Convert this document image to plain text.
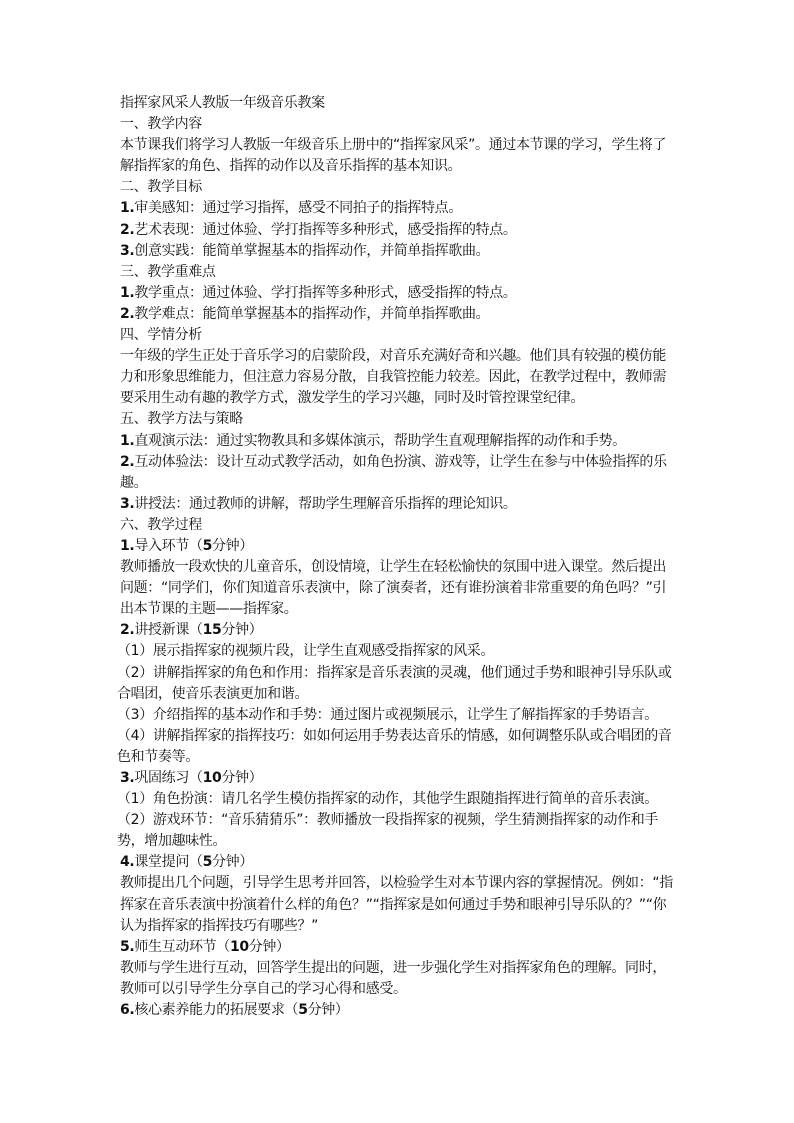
指挥家风采人教版一年级音乐教案

一、教学内容

本节课我们将学习人教版一年级音乐上册中的“指挥家风采”。通过本节课的学习，学生将了解指挥家的角色、指挥的动作以及音乐指挥的基本知识。

二、教学目标

1.审美感知：通过学习指挥，感受不同拍子的指挥特点。

2.艺术表现：通过体验、学打指挥等多种形式，感受指挥的特点。

3.创意实践：能简单掌握基本的指挥动作，并简单指挥歌曲。

三、教学重难点

1.教学重点：通过体验、学打指挥等多种形式，感受指挥的特点。

2.教学难点：能简单掌握基本的指挥动作，并简单指挥歌曲。

四、学情分析

一年级的学生正处于音乐学习的启蒙阶段，对音乐充满好奇和兴趣。他们具有较强的模仿能力和形象思维能力，但注意力容易分散，自我管控能力较差。因此，在教学过程中，教师需要采用生动有趣的教学方式，激发学生的学习兴趣，同时及时管控课堂纪律。

五、教学方法与策略

1.直观演示法：通过实物教具和多媒体演示，帮助学生直观理解指挥的动作和手势。

2.互动体验法：设计互动式教学活动，如角色扮演、游戏等，让学生在参与中体验指挥的乐趣。

3.讲授法：通过教师的讲解，帮助学生理解音乐指挥的理论知识。

六、教学过程

1.导入环节（5分钟）

教师播放一段欢快的儿童音乐，创设情境，让学生在轻松愉快的氛围中进入课堂。然后提出问题：“同学们，你们知道音乐表演中，除了演奏者，还有谁扮演着非常重要的角色吗？”引出本节课的主题——指挥家。

2.讲授新课（15分钟）

（1）展示指挥家的视频片段，让学生直观感受指挥家的风采。

（2）讲解指挥家的角色和作用：指挥家是音乐表演的灵魂，他们通过手势和眼神引导乐队或合唱团，使音乐表演更加和谐。

（3）介绍指挥的基本动作和手势：通过图片或视频展示，让学生了解指挥家的手势语言。

（4）讲解指挥家的指挥技巧：如如何运用手势表达音乐的情感，如何调整乐队或合唱团的音色和节奏等。

3.巩固练习（10分钟）

（1）角色扮演：请几名学生模仿指挥家的动作，其他学生跟随指挥进行简单的音乐表演。

（2）游戏环节：“音乐猜猜乐”：教师播放一段指挥家的视频，学生猜测指挥家的动作和手势，增加趣味性。

4.课堂提问（5分钟）

教师提出几个问题，引导学生思考并回答，以检验学生对本节课内容的掌握情况。例如：“指挥家在音乐表演中扮演着什么样的角色？”“指挥家是如何通过手势和眼神引导乐队的？”“你认为指挥家的指挥技巧有哪些？”

5.师生互动环节（10分钟）

教师与学生进行互动，回答学生提出的问题，进一步强化学生对指挥家角色的理解。同时，教师可以引导学生分享自己的学习心得和感受。

6.核心素养能力的拓展要求（5分钟）
